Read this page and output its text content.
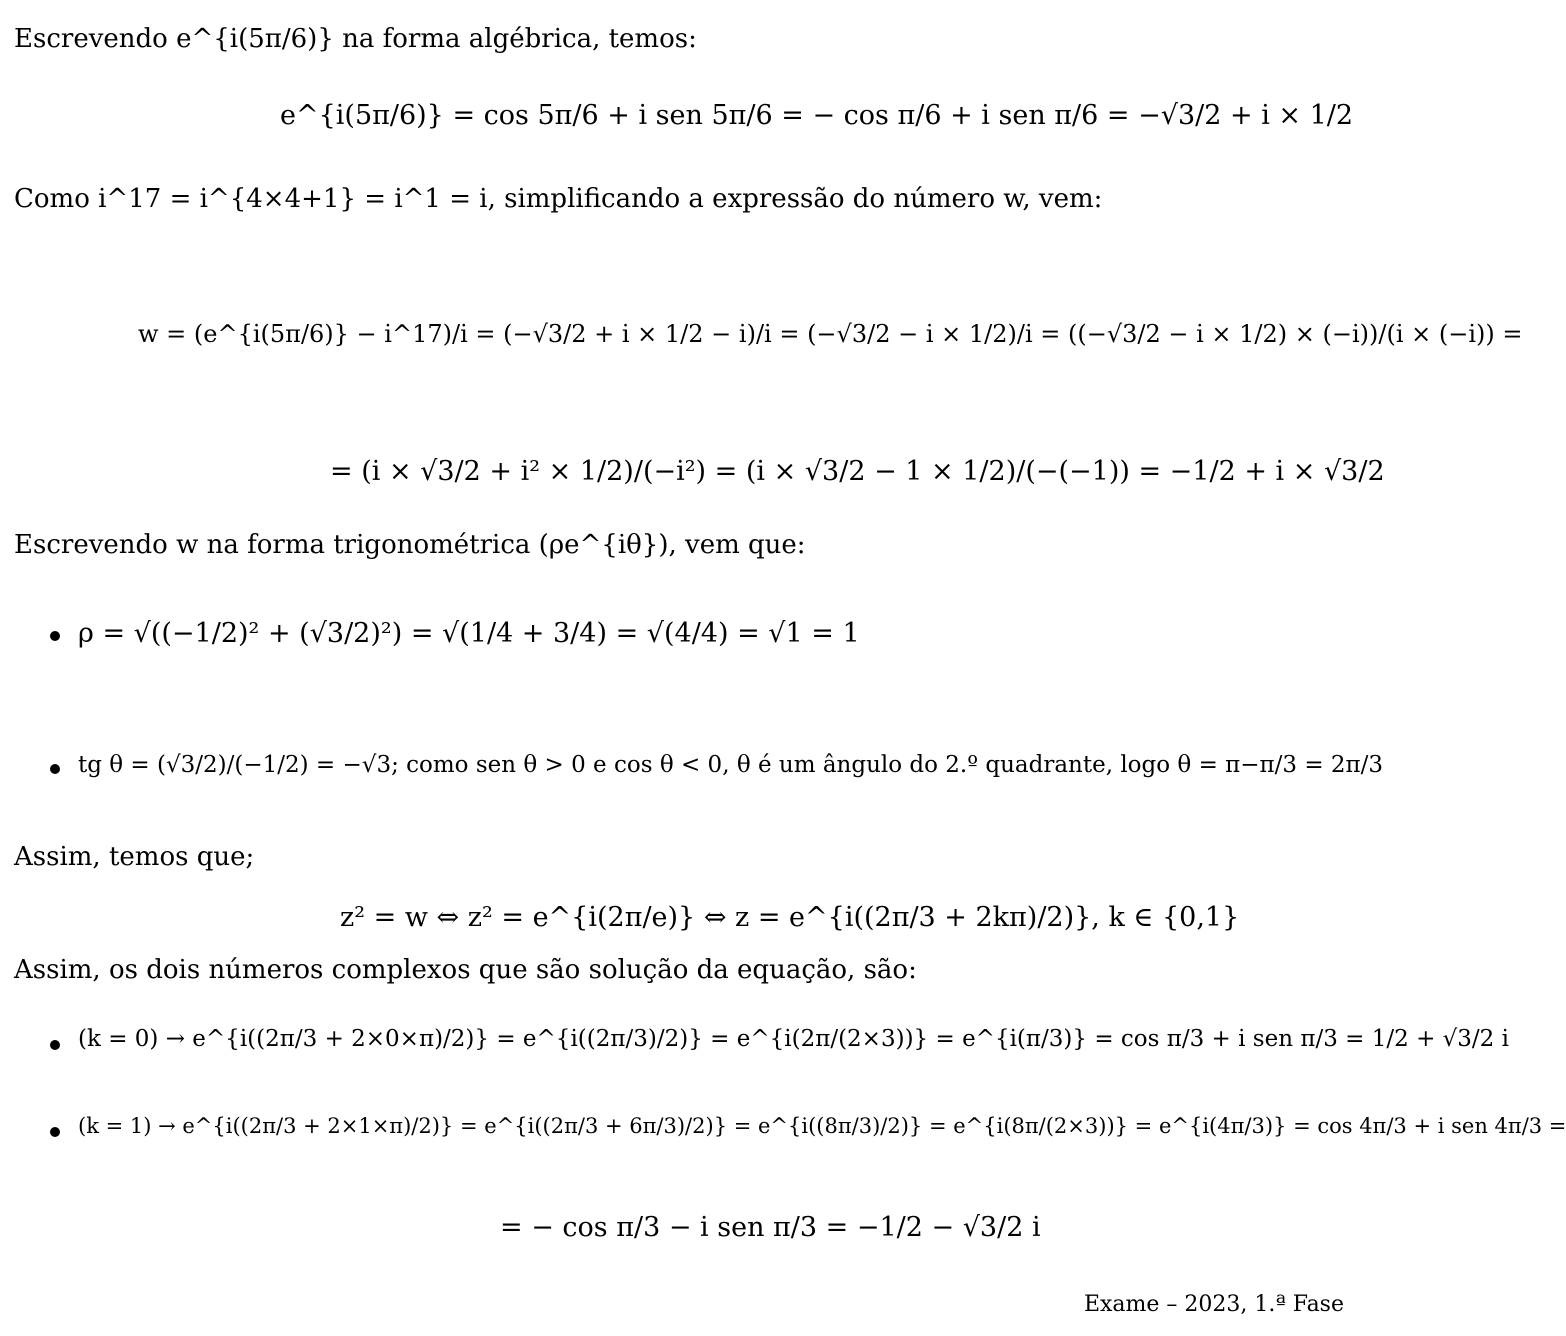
Escrevendo e^{i(5π/6)} na forma algébrica, temos:
e^{i(5π/6)} = cos 5π/6 + i sen 5π/6 = − cos π/6 + i sen π/6 = −√3/2 + i × 1/2
Como i^17 = i^{4×4+1} = i^1 = i, simplificando a expressão do número w, vem:
w = (e^{i(5π/6)} − i^17)/i = (−√3/2 + i × 1/2 − i)/i = (−√3/2 − i × 1/2)/i = ((−√3/2 − i × 1/2) × (−i))/(i × (−i)) =
= (i × √3/2 + i² × 1/2)/(−i²) = (i × √3/2 − 1 × 1/2)/(−(−1)) = −1/2 + i × √3/2
Escrevendo w na forma trigonométrica (ρe^{iθ}), vem que:
ρ = √((−1/2)² + (√3/2)²) = √(1/4 + 3/4) = √(4/4) = √1 = 1
tg θ = (√3/2)/(−1/2) = −√3; como sen θ > 0 e cos θ < 0, θ é um ângulo do 2.º quadrante, logo θ = π−π/3 = 2π/3
Assim, temos que;
z² = w ⇔ z² = e^{i(2π/e)} ⇔ z = e^{i((2π/3 + 2kπ)/2)}, k ∈ {0,1}
Assim, os dois números complexos que são solução da equação, são:
(k = 0) → e^{i((2π/3 + 2×0×π)/2)} = e^{i((2π/3)/2)} = e^{i(2π/(2×3))} = e^{i(π/3)} = cos π/3 + i sen π/3 = 1/2 + √3/2 i
(k = 1) → e^{i((2π/3 + 2×1×π)/2)} = e^{i((2π/3 + 6π/3)/2)} = e^{i((8π/3)/2)} = e^{i(8π/(2×3))} = e^{i(4π/3)} = cos 4π/3 + i sen 4π/3 =
= − cos π/3 − i sen π/3 = −1/2 − √3/2 i
Exame – 2023, 1.ª Fase
